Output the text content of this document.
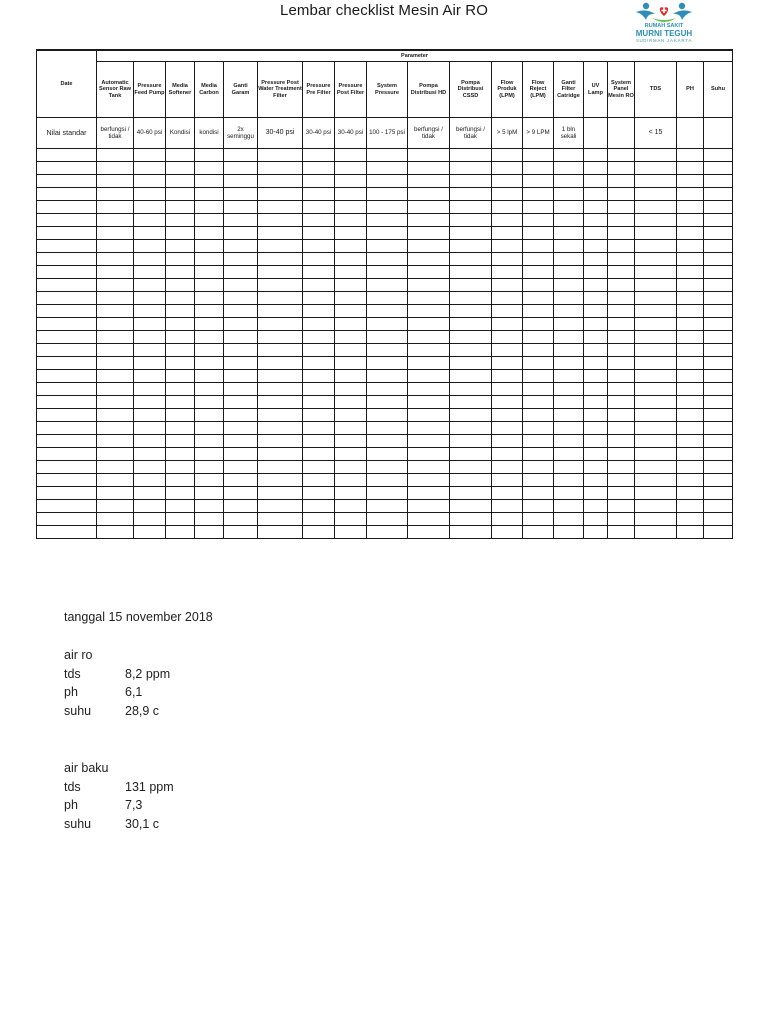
Lembar checklist Mesin Air RO
RUMAH SAKIT
MURNI TEGUH
SUDIRMAN JAKARTA
Date	Parameter																		
	Automatic Sensor Raw Tank	Pressure Feed Pump	Media Softener	Media Carbon	Ganti Garam	Pressure Post Water Treatment Filter	Pressure Pre Filter	Pressure Post Filter	System Pressure	Pompa Distribusi HD	Pompa Distribusi CSSD	Flow Produk (LPM)	Flow Reject (LPM)	Ganti Filter Catridge	UV Lamp	System Panel Mesin RO	TDS	PH	Suhu
Nilai standar	berfungsi / tidak	40-60 psi	Kondisi	kondisi	2x seminggu	30-40 psi	30-40 psi	30-40 psi	100 - 175 psi	berfungsi / tidak	berfungsi / tidak	> 5 lpM	> 9 LPM	1 bln sekali			< 15		

tanggal 15 november 2018
air ro
tds	8,2 ppm
ph	6,1
suhu	28,9 c
air baku
tds	131 ppm
ph	7,3
suhu	30,1 c
